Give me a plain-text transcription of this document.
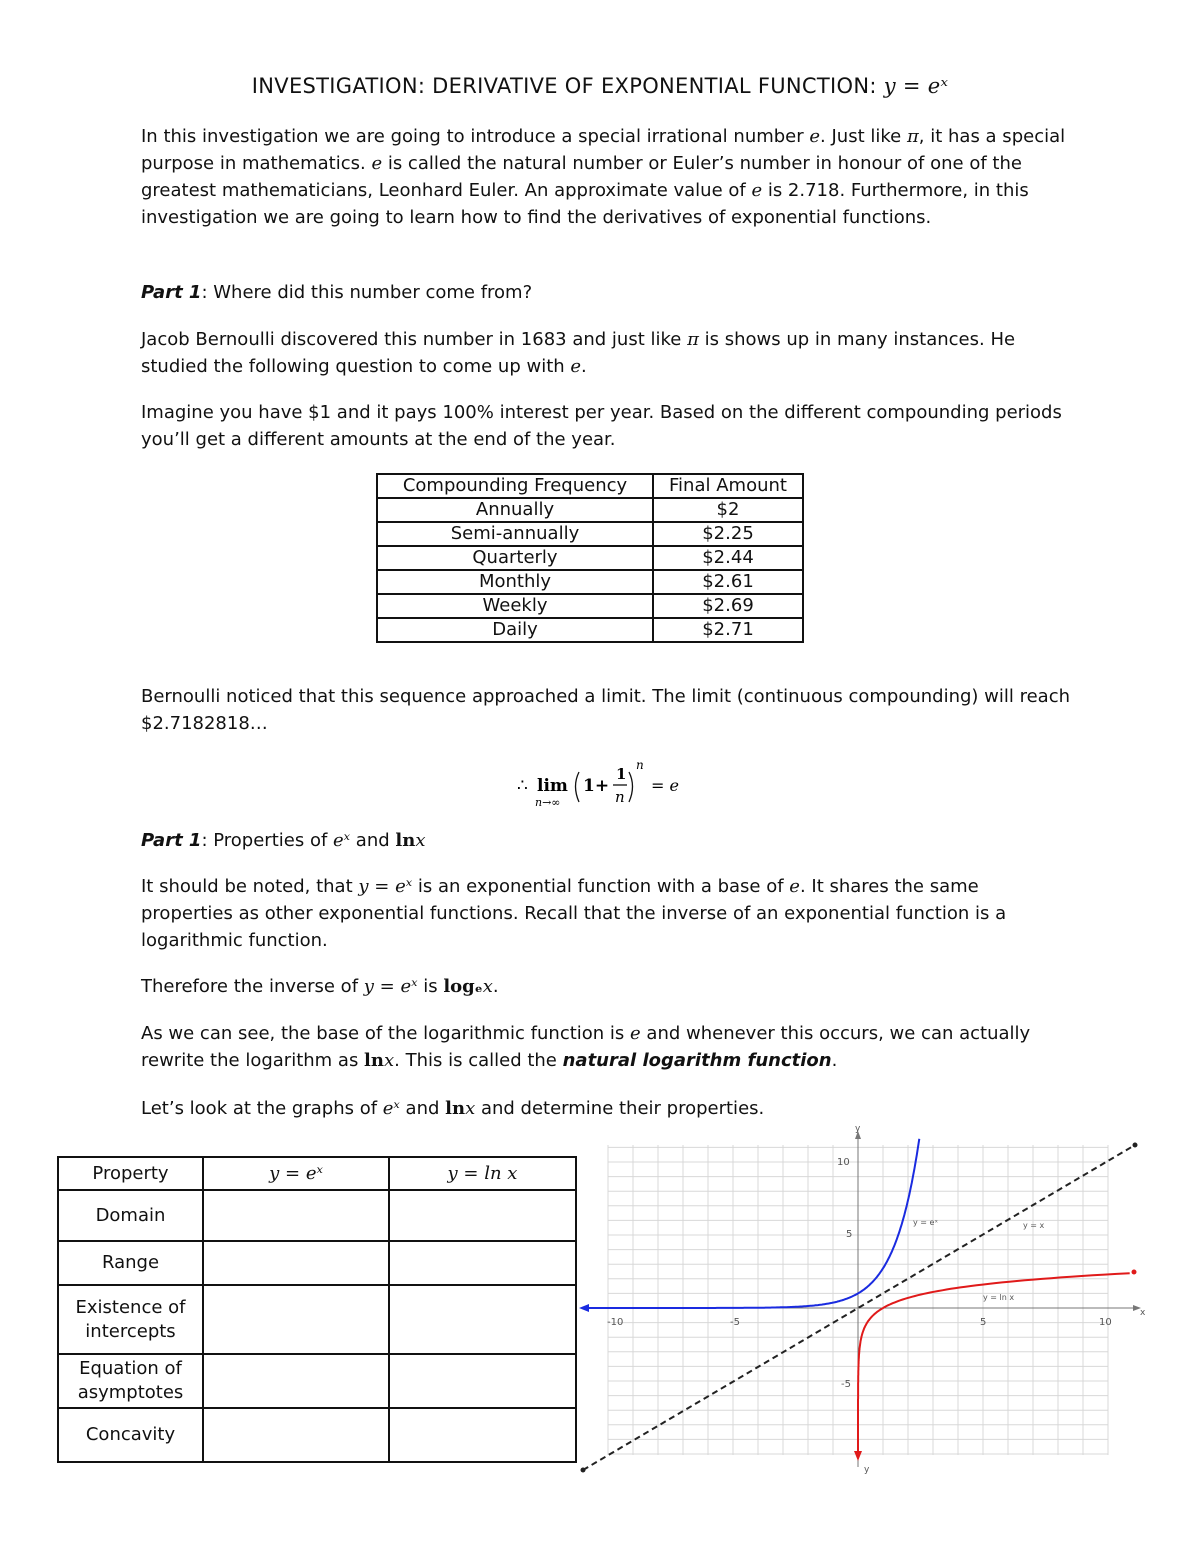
INVESTIGATION: DERIVATIVE OF EXPONENTIAL FUNCTION: y = eˣ
In this investigation we are going to introduce a special irrational number e. Just like π, it has a special purpose in mathematics. e is called the natural number or Euler’s number in honour of one of the greatest mathematicians, Leonhard Euler. An approximate value of e is 2.718. Furthermore, in this investigation we are going to learn how to find the derivatives of exponential functions.
Part 1: Where did this number come from?
Jacob Bernoulli discovered this number in 1683 and just like π is shows up in many instances. He studied the following question to come up with e.
Imagine you have $1 and it pays 100% interest per year. Based on the different compounding periods you’ll get a different amounts at the end of the year.
Compounding Frequency	Final Amount
Annually	$2
Semi-annually	$2.25
Quarterly	$2.44
Monthly	$2.61
Weekly	$2.69
Daily	$2.71
Bernoulli noticed that this sequence approached a limit. The limit (continuous compounding) will reach $2.7182818…
∴ lim
n→∞
1+
1
n
n
= e
Part 1: Properties of eˣ and lnx
It should be noted, that y = eˣ is an exponential function with a base of e. It shares the same properties as other exponential functions. Recall that the inverse of an exponential function is a logarithmic function.
Therefore the inverse of y = eˣ is logₑx.
As we can see, the base of the logarithmic function is e and whenever this occurs, we can actually rewrite the logarithm as lnx. This is called the natural logarithm function.
Let’s look at the graphs of eˣ and lnx and determine their properties.
Property	y = eˣ	y = ln x
Domain		
Range		
Existence of
intercepts		
Equation of
asymptotes		
Concavity		
x
y
y
10
5
-5
-10	-5	5	10
y = eˣ	y = x
y = ln x
